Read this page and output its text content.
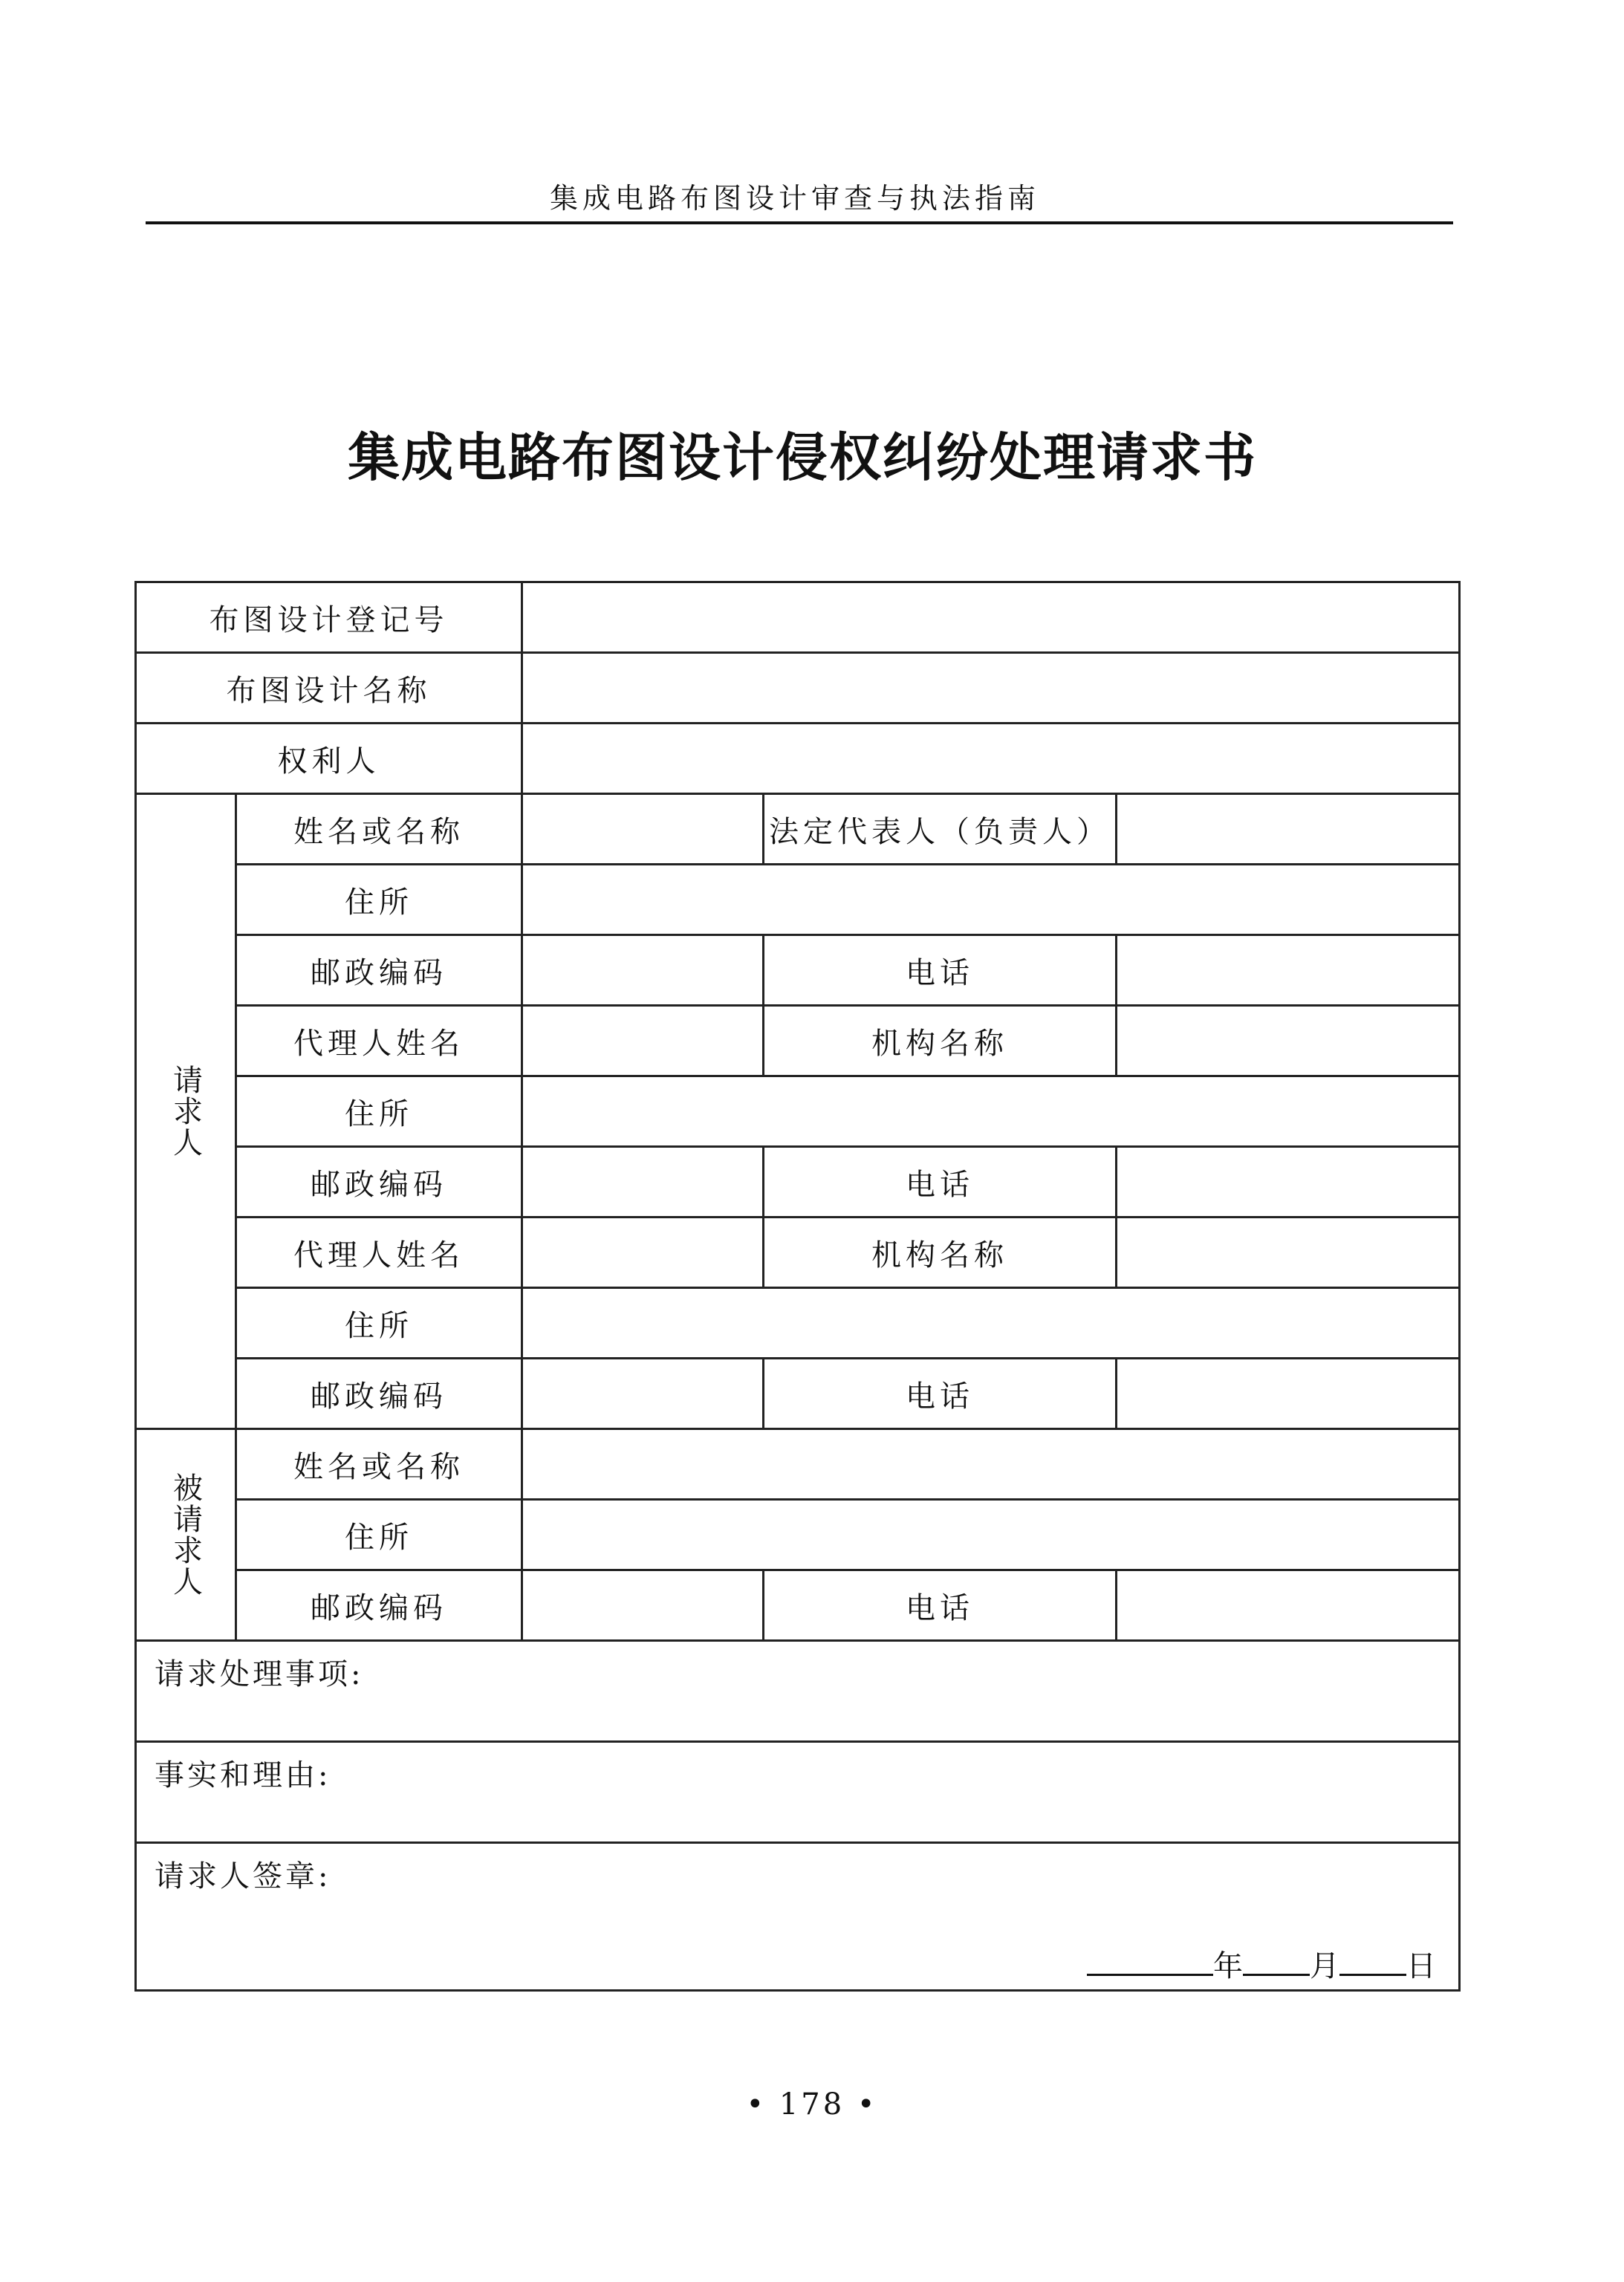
集成电路布图设计审查与执法指南
集成电路布图设计侵权纠纷处理请求书
布图设计登记号				
布图设计名称				
权利人				
请求人	姓名或名称		法定代表人（负责人）	
	住所			
	邮政编码		电话	
	代理人姓名		机构名称	
	住所			
	邮政编码		电话	
	代理人姓名		机构名称	
	住所			
	邮政编码		电话	
被请求人	姓名或名称			
	住所			
	邮政编码		电话	
请求处理事项:				
事实和理由:				
请求人签章:
年 月 日				
• 178 •
